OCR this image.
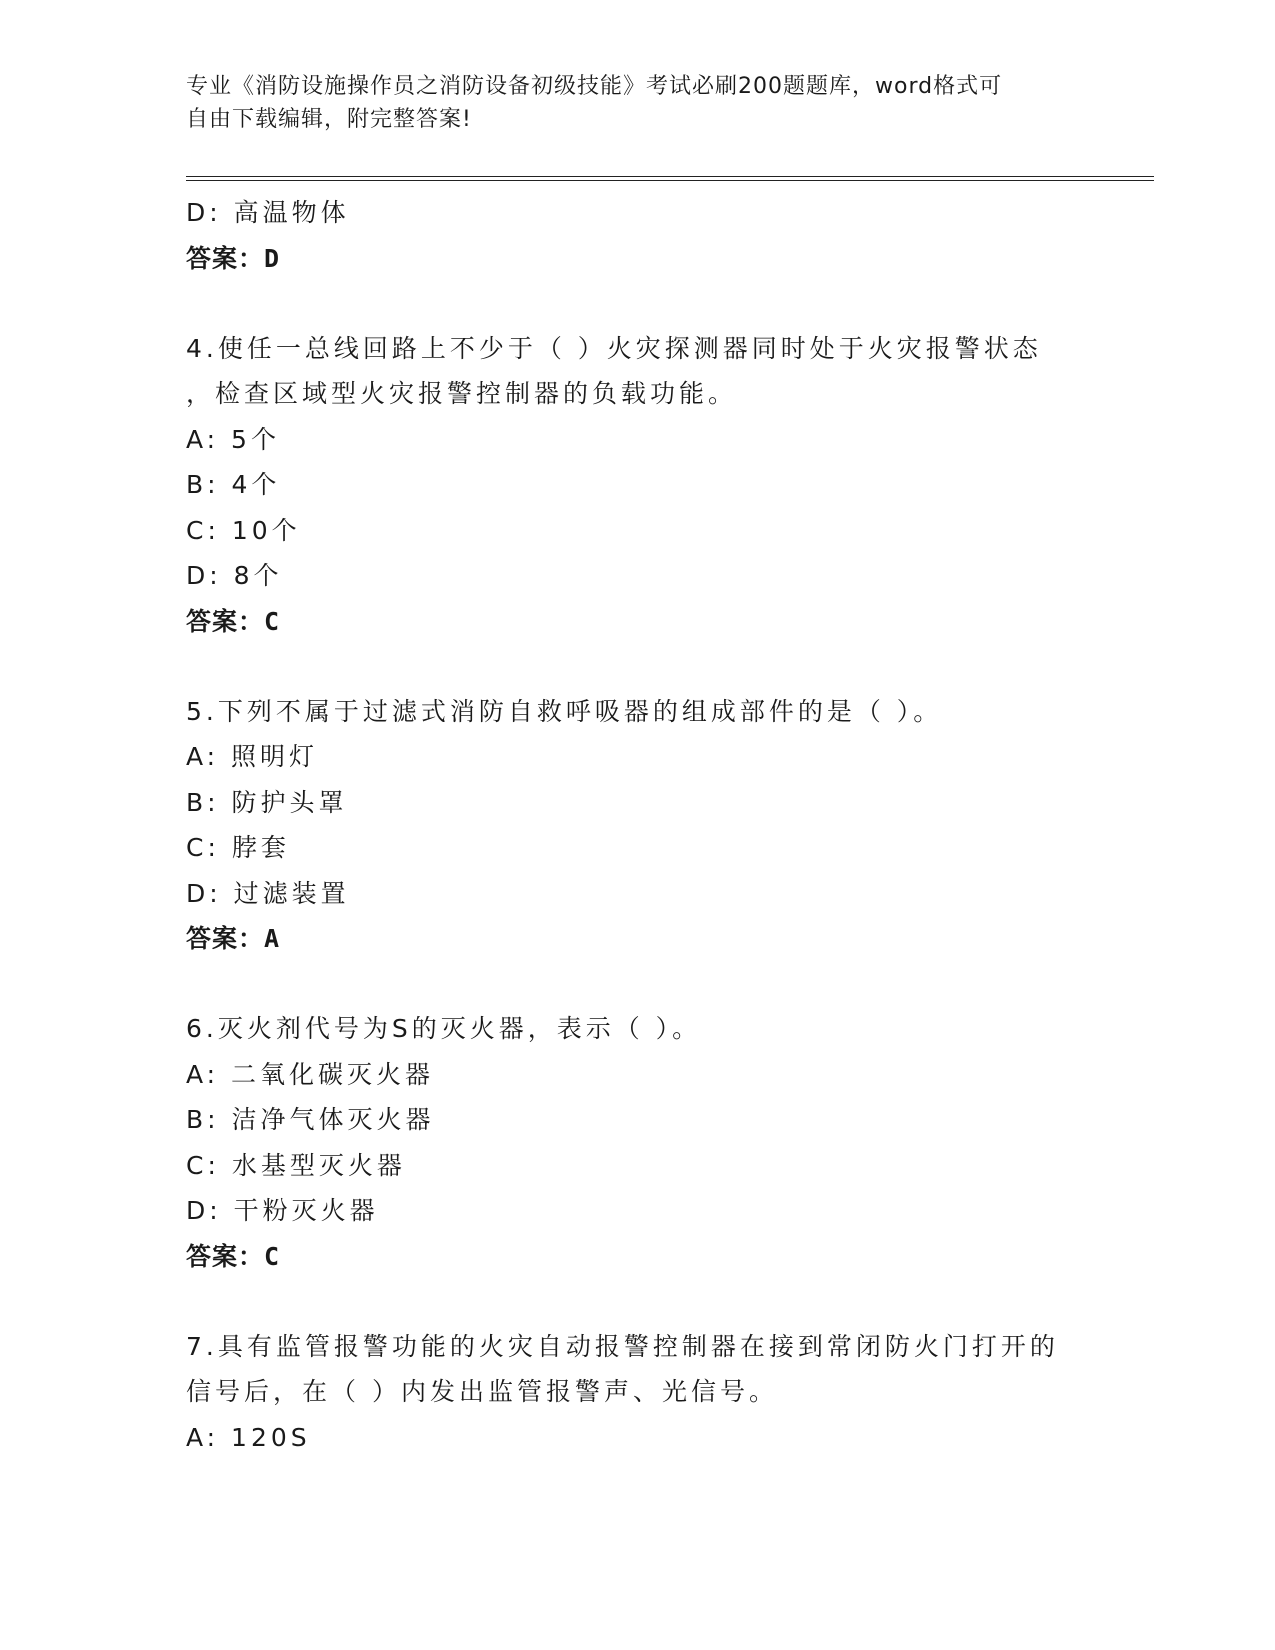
专业《消防设施操作员之消防设备初级技能》考试必刷200题题库，word格式可
自由下载编辑，附完整答案!
D: 高温物体
答案：D
4.使任一总线回路上不少于（ ）火灾探测器同时处于火灾报警状态
，检查区域型火灾报警控制器的负载功能。
A: 5个
B: 4个
C: 10个
D: 8个
答案：C
5.下列不属于过滤式消防自救呼吸器的组成部件的是（ ）。
A: 照明灯
B: 防护头罩
C: 脖套
D: 过滤装置
答案：A
6.灭火剂代号为S的灭火器，表示（ ）。
A: 二氧化碳灭火器
B: 洁净气体灭火器
C: 水基型灭火器
D: 干粉灭火器
答案：C
7.具有监管报警功能的火灾自动报警控制器在接到常闭防火门打开的
信号后，在（ ）内发出监管报警声、光信号。
A: 120S
